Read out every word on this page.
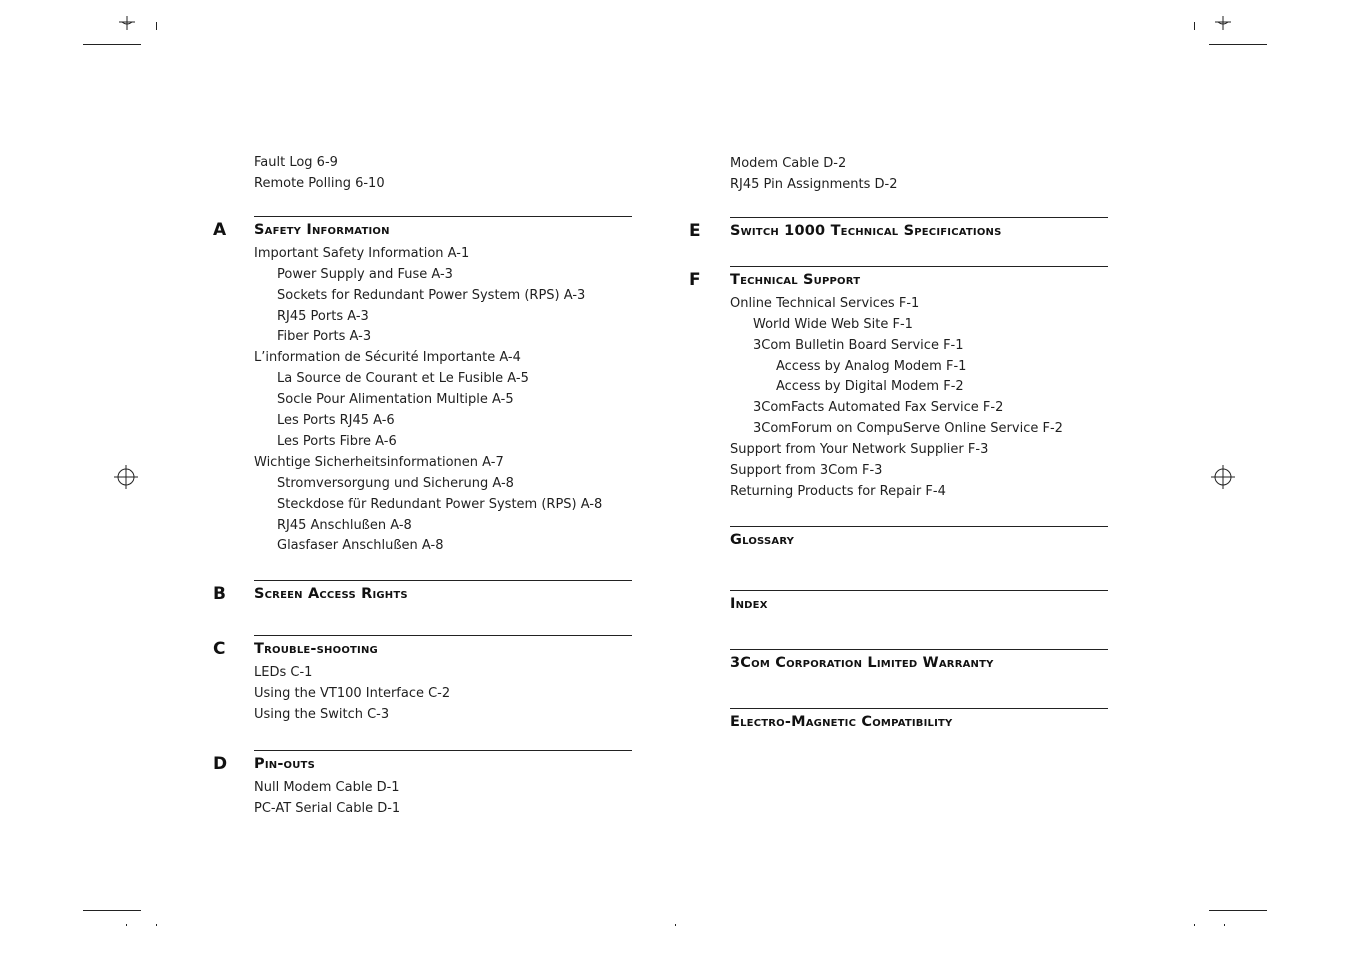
Fault Log 6-9
Remote Polling 6-10
A Safety Information
Important Safety Information A-1
Power Supply and Fuse A-3
Sockets for Redundant Power System (RPS) A-3
RJ45 Ports A-3
Fiber Ports A-3
L’information de Sécurité Importante A-4
La Source de Courant et Le Fusible A-5
Socle Pour Alimentation Multiple A-5
Les Ports RJ45 A-6
Les Ports Fibre A-6
Wichtige Sicherheitsinformationen A-7
Stromversorgung und Sicherung A-8
Steckdose für Redundant Power System (RPS) A-8
RJ45 Anschlußen A-8
Glasfaser Anschlußen A-8
B Screen Access Rights
C Trouble-shooting
LEDs C-1
Using the VT100 Interface C-2
Using the Switch C-3
D Pin-outs
Null Modem Cable D-1
PC-AT Serial Cable D-1
Modem Cable D-2
RJ45 Pin Assignments D-2
E Switch 1000 Technical Specifications
F Technical Support
Online Technical Services F-1
World Wide Web Site F-1
3Com Bulletin Board Service F-1
Access by Analog Modem F-1
Access by Digital Modem F-2
3ComFacts Automated Fax Service F-2
3ComForum on CompuServe Online Service F-2
Support from Your Network Supplier F-3
Support from 3Com F-3
Returning Products for Repair F-4
Glossary
Index
3Com Corporation Limited Warranty
Electro-Magnetic Compatibility
